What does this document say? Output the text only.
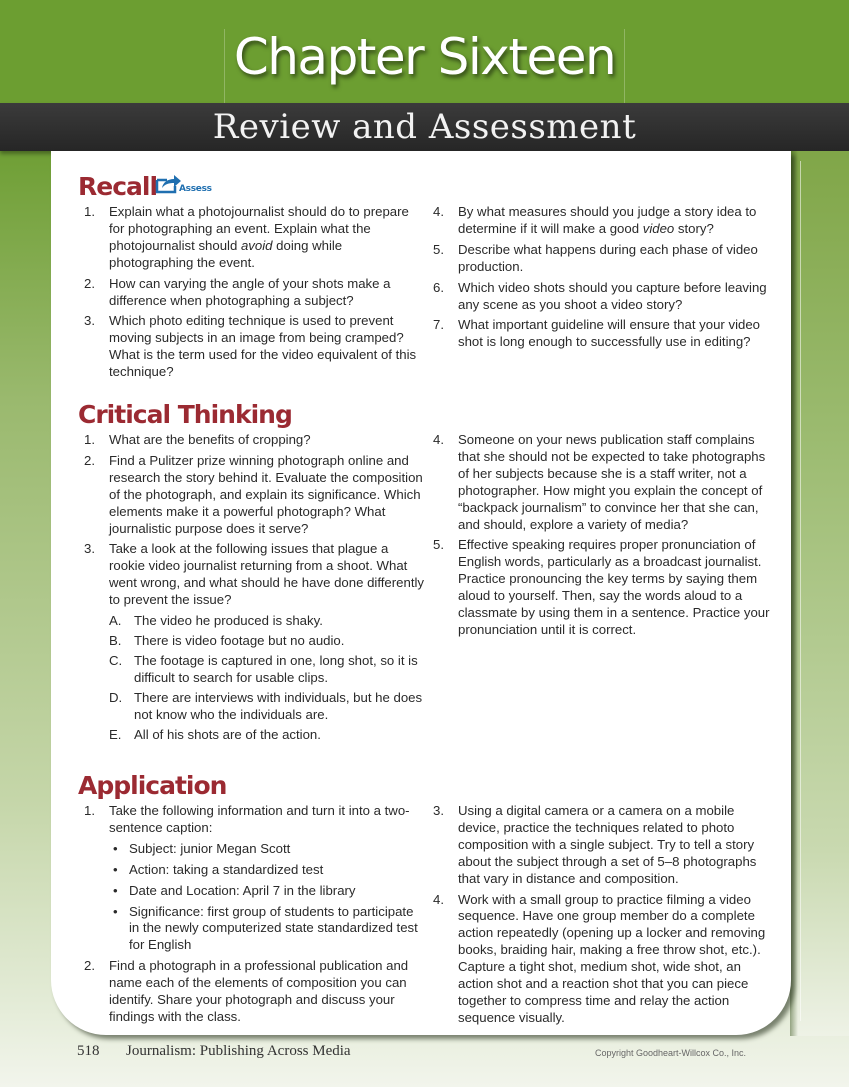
Chapter Sixteen
Review and Assessment
Recall Assess
1. Explain what a photojournalist should do to prepare for photographing an event. Explain what the photojournalist should avoid doing while photographing the event.
2. How can varying the angle of your shots make a difference when photographing a subject?
3. Which photo editing technique is used to prevent moving subjects in an image from being cramped? What is the term used for the video equivalent of this technique?
4. By what measures should you judge a story idea to determine if it will make a good video story?
5. Describe what happens during each phase of video production.
6. Which video shots should you capture before leaving any scene as you shoot a video story?
7. What important guideline will ensure that your video shot is long enough to successfully use in editing?
Critical Thinking
1. What are the benefits of cropping?
2. Find a Pulitzer prize winning photograph online and research the story behind it. Evaluate the composition of the photograph, and explain its significance. Which elements make it a powerful photograph? What journalistic purpose does it serve?
3. Take a look at the following issues that plague a rookie video journalist returning from a shoot. What went wrong, and what should he have done differently to prevent the issue?
A. The video he produced is shaky.
B. There is video footage but no audio.
C. The footage is captured in one, long shot, so it is difficult to search for usable clips.
D. There are interviews with individuals, but he does not know who the individuals are.
E. All of his shots are of the action.
4. Someone on your news publication staff complains that she should not be expected to take photographs of her subjects because she is a staff writer, not a photographer. How might you explain the concept of “backpack journalism” to convince her that she can, and should, explore a variety of media?
5. Effective speaking requires proper pronunciation of English words, particularly as a broadcast journalist. Practice pronouncing the key terms by saying them aloud to yourself. Then, say the words aloud to a classmate by using them in a sentence. Practice your pronunciation until it is correct.
Application
1. Take the following information and turn it into a two-sentence caption:
• Subject: junior Megan Scott
• Action: taking a standardized test
• Date and Location: April 7 in the library
• Significance: first group of students to participate in the newly computerized state standardized test for English
2. Find a photograph in a professional publication and name each of the elements of composition you can identify. Share your photograph and discuss your findings with the class.
3. Using a digital camera or a camera on a mobile device, practice the techniques related to photo composition with a single subject. Try to tell a story about the subject through a set of 5–8 photographs that vary in distance and composition.
4. Work with a small group to practice filming a video sequence. Have one group member do a complete action repeatedly (opening up a locker and removing books, braiding hair, making a free throw shot, etc.). Capture a tight shot, medium shot, wide shot, an action shot and a reaction shot that you can piece together to compress time and relay the action sequence visually.
518 Journalism: Publishing Across Media	Copyright Goodheart-Willcox Co., Inc.
